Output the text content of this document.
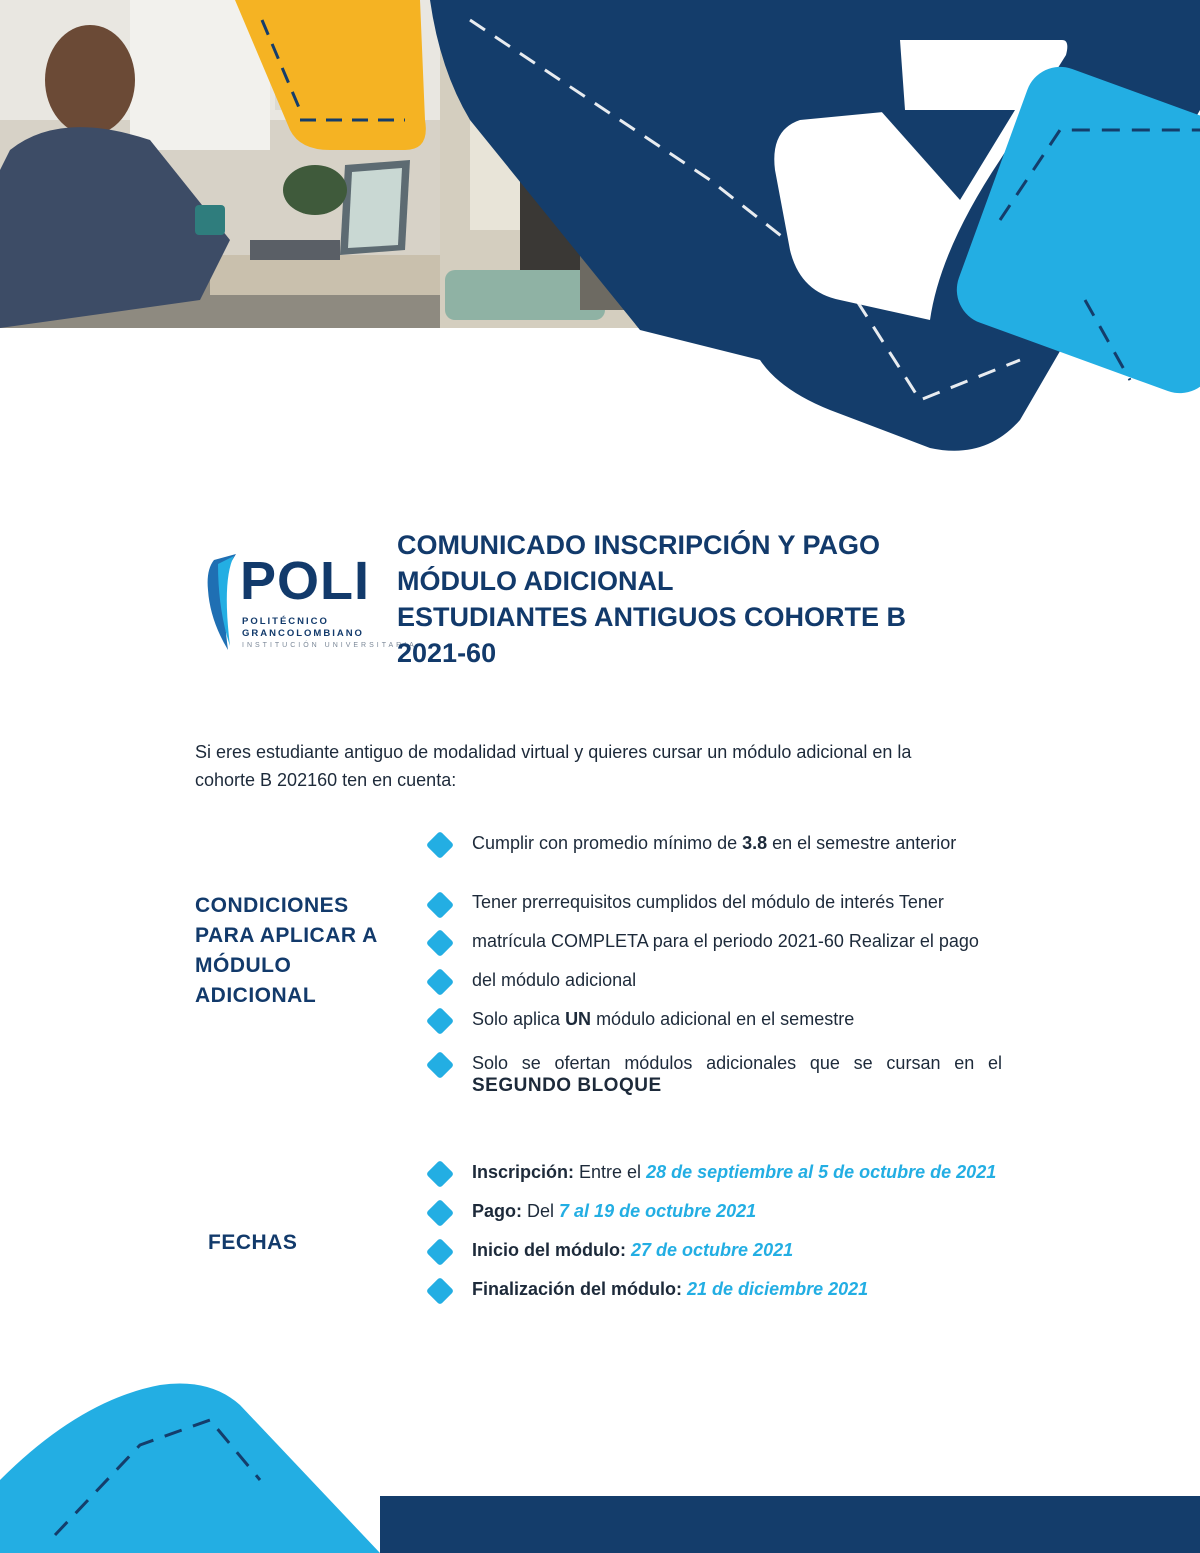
POLI
POLITÉCNICO
GRANCOLOMBIANO
INSTITUCIÓN UNIVERSITARIA
COMUNICADO INSCRIPCIÓN Y PAGO
MÓDULO ADICIONAL
ESTUDIANTES ANTIGUOS COHORTE B
2021-60
Si eres estudiante antiguo de modalidad virtual y quieres cursar un módulo adicional en la
cohorte B 202160 ten en cuenta:
CONDICIONES
PARA APLICAR A
MÓDULO
ADICIONAL
Cumplir con promedio mínimo de 3.8 en el semestre anterior
Tener prerrequisitos cumplidos del módulo de interés Tener
matrícula COMPLETA para el periodo 2021-60 Realizar el pago
del módulo adicional
Solo aplica UN módulo adicional en el semestre
Solo se ofertan módulos adicionales que se cursan en el
SEGUNDO BLOQUE
FECHAS
Inscripción: Entre el 28 de septiembre al 5 de octubre de 2021
Pago: Del 7 al 19 de octubre 2021
Inicio del módulo: 27 de octubre 2021
Finalización del módulo: 21 de diciembre 2021
